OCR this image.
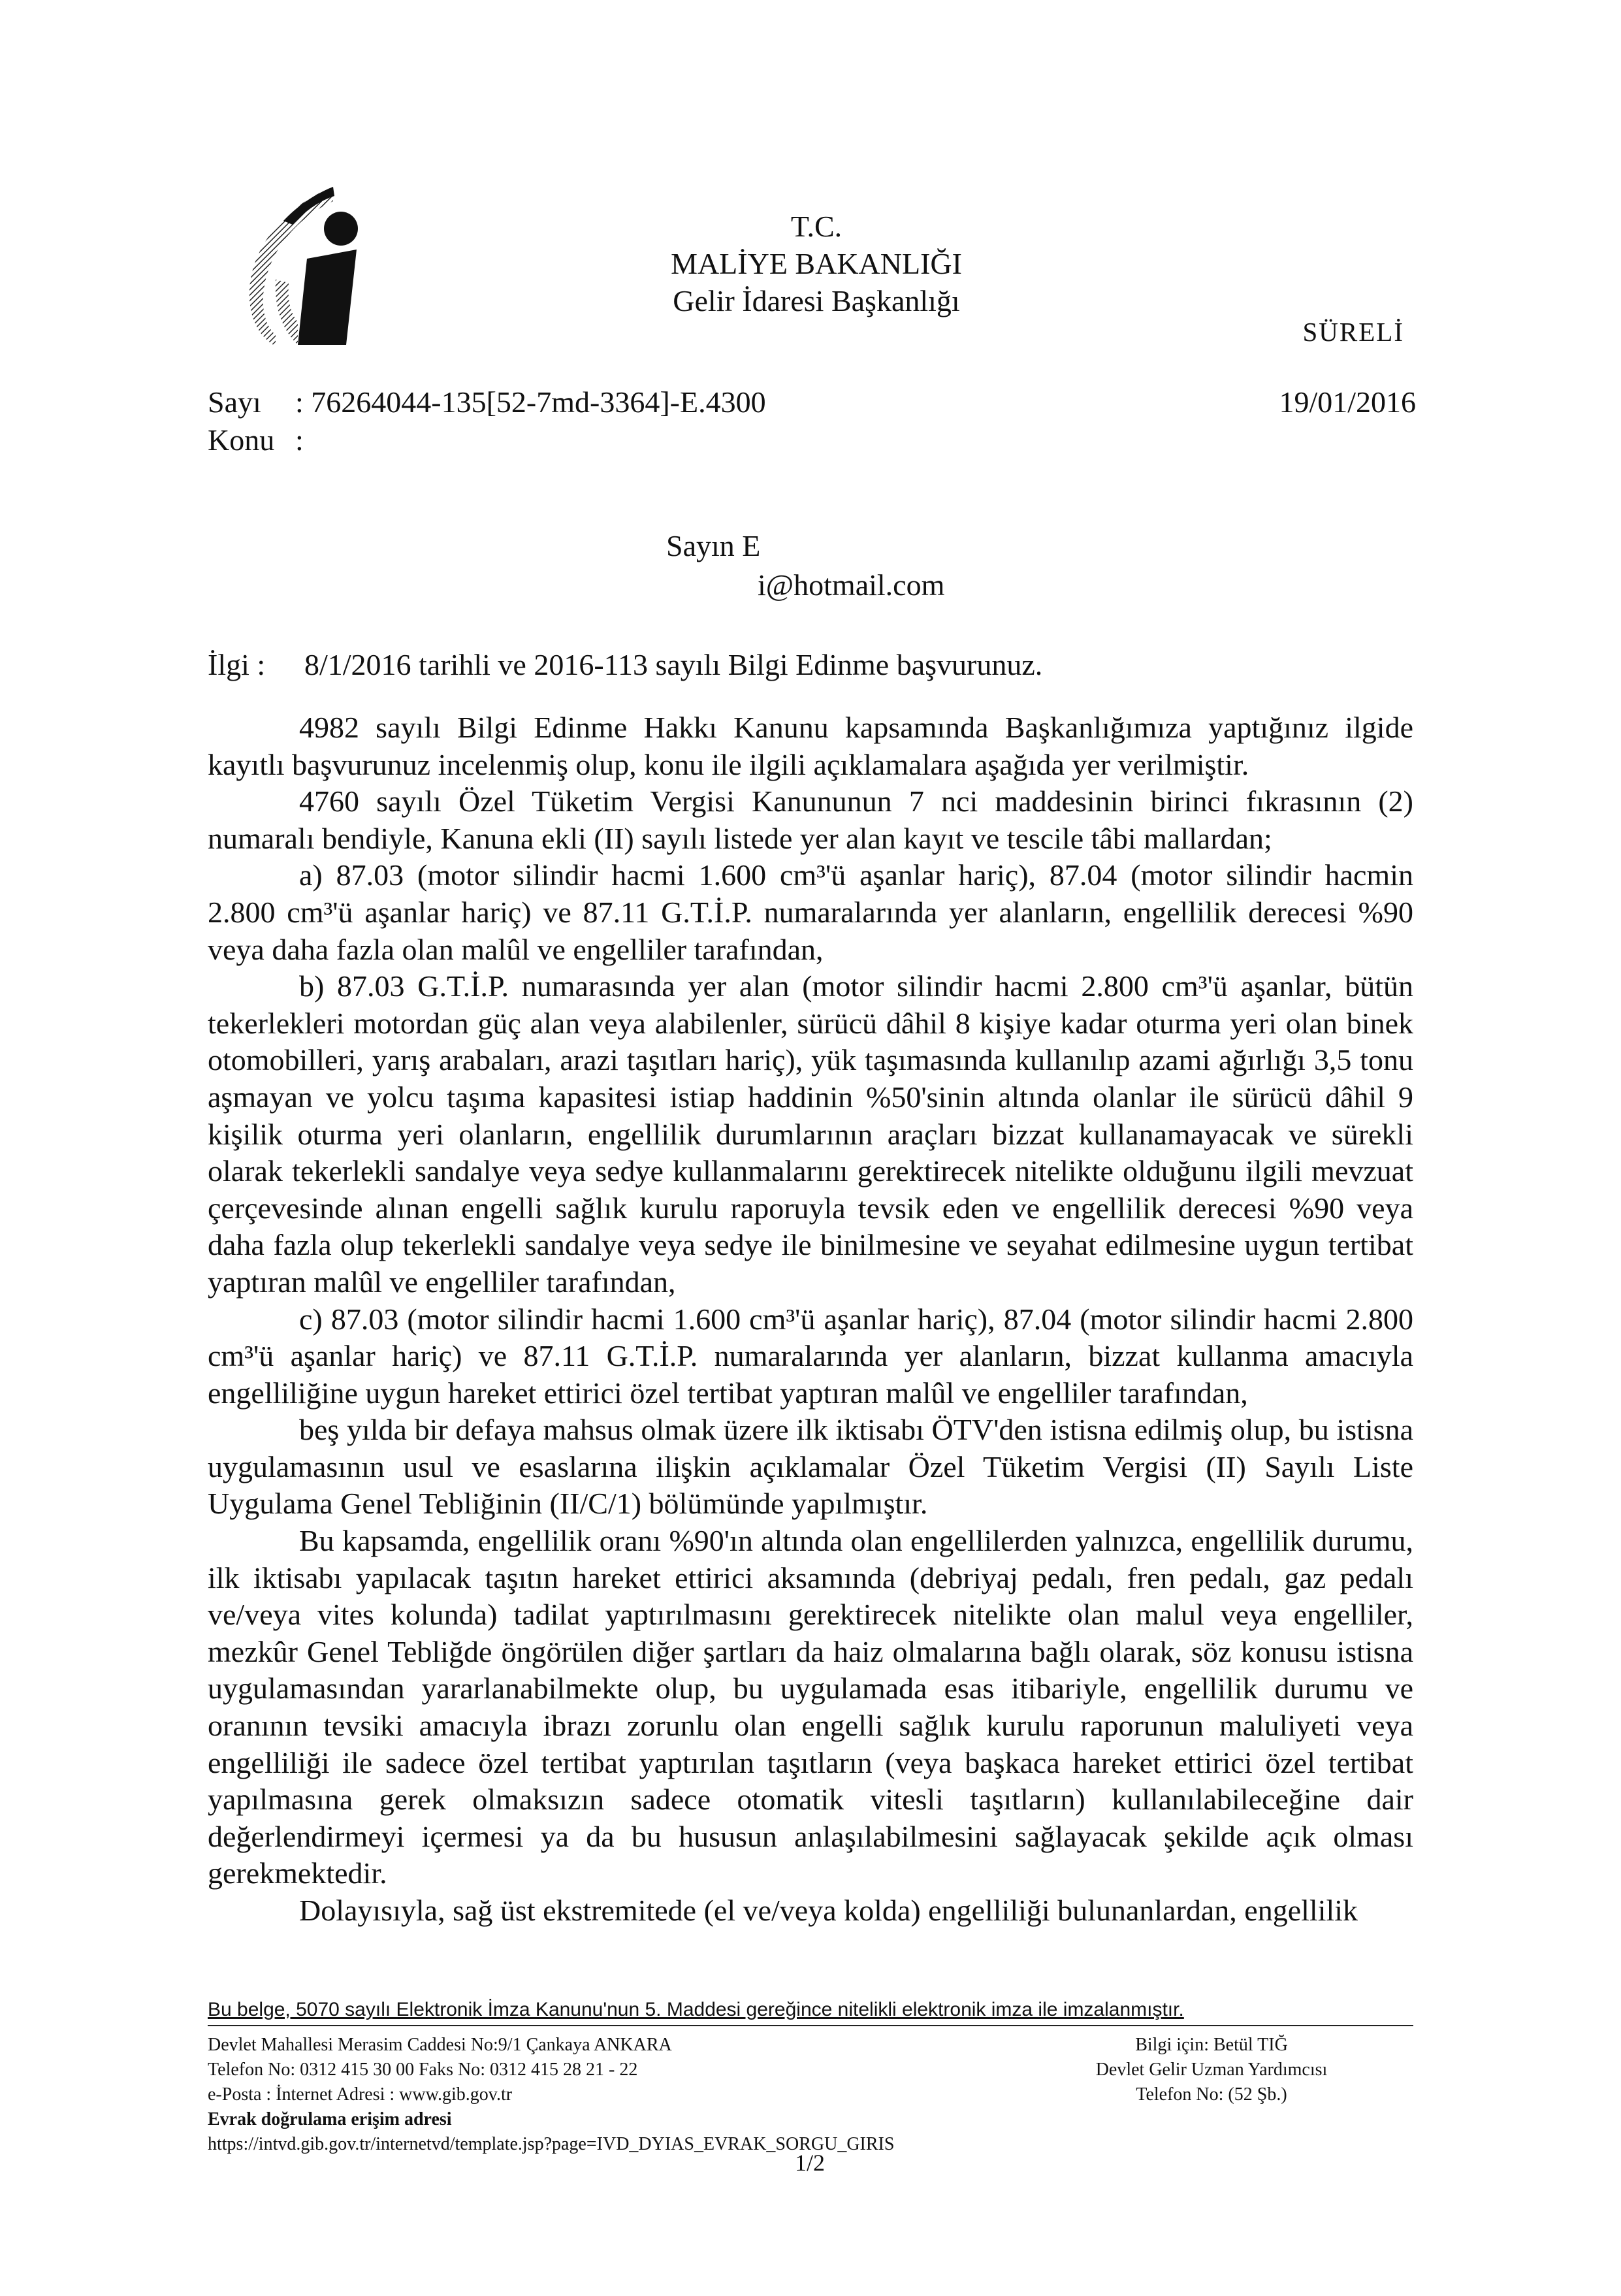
T.C.
MALİYE BAKANLIĞI
Gelir İdaresi Başkanlığı
SÜRELİ
Sayı : 76264044-135[52-7md-3364]-E.4300	19/01/2016
Konu :
Sayın E
i@hotmail.com
İlgi : 8/1/2016 tarihli ve 2016-113 sayılı Bilgi Edinme başvurunuz.

4982 sayılı Bilgi Edinme Hakkı Kanunu kapsamında Başkanlığımıza yaptığınız ilgide kayıtlı başvurunuz incelenmiş olup, konu ile ilgili açıklamalara aşağıda yer verilmiştir.

4760 sayılı Özel Tüketim Vergisi Kanununun 7 nci maddesinin birinci fıkrasının (2) numaralı bendiyle, Kanuna ekli (II) sayılı listede yer alan kayıt ve tescile tâbi mallardan;

a) 87.03 (motor silindir hacmi 1.600 cm³'ü aşanlar hariç), 87.04 (motor silindir hacmin 2.800 cm³'ü aşanlar hariç) ve 87.11 G.T.İ.P. numaralarında yer alanların, engellilik derecesi %90 veya daha fazla olan malûl ve engelliler tarafından,

b) 87.03 G.T.İ.P. numarasında yer alan (motor silindir hacmi 2.800 cm³'ü aşanlar, bütün tekerlekleri motordan güç alan veya alabilenler, sürücü dâhil 8 kişiye kadar oturma yeri olan binek otomobilleri, yarış arabaları, arazi taşıtları hariç), yük taşımasında kullanılıp azami ağırlığı 3,5 tonu aşmayan ve yolcu taşıma kapasitesi istiap haddinin %50'sinin altında olanlar ile sürücü dâhil 9 kişilik oturma yeri olanların, engellilik durumlarının araçları bizzat kullanamayacak ve sürekli olarak tekerlekli sandalye veya sedye kullanmalarını gerektirecek nitelikte olduğunu ilgili mevzuat çerçevesinde alınan engelli sağlık kurulu raporuyla tevsik eden ve engellilik derecesi %90 veya daha fazla olup tekerlekli sandalye veya sedye ile binilmesine ve seyahat edilmesine uygun tertibat yaptıran malûl ve engelliler tarafından,

c) 87.03 (motor silindir hacmi 1.600 cm³'ü aşanlar hariç), 87.04 (motor silindir hacmi 2.800 cm³'ü aşanlar hariç) ve 87.11 G.T.İ.P. numaralarında yer alanların, bizzat kullanma amacıyla engelliliğine uygun hareket ettirici özel tertibat yaptıran malûl ve engelliler tarafından,

beş yılda bir defaya mahsus olmak üzere ilk iktisabı ÖTV'den istisna edilmiş olup, bu istisna uygulamasının usul ve esaslarına ilişkin açıklamalar Özel Tüketim Vergisi (II) Sayılı Liste Uygulama Genel Tebliğinin (II/C/1) bölümünde yapılmıştır.

Bu kapsamda, engellilik oranı %90'ın altında olan engellilerden yalnızca, engellilik durumu, ilk iktisabı yapılacak taşıtın hareket ettirici aksamında (debriyaj pedalı, fren pedalı, gaz pedalı ve/veya vites kolunda) tadilat yaptırılmasını gerektirecek nitelikte olan malul veya engelliler, mezkûr Genel Tebliğde öngörülen diğer şartları da haiz olmalarına bağlı olarak, söz konusu istisna uygulamasından yararlanabilmekte olup, bu uygulamada esas itibariyle, engellilik durumu ve oranının tevsiki amacıyla ibrazı zorunlu olan engelli sağlık kurulu raporunun maluliyeti veya engelliliği ile sadece özel tertibat yaptırılan taşıtların (veya başkaca hareket ettirici özel tertibat yapılmasına gerek olmaksızın sadece otomatik vitesli taşıtların) kullanılabileceğine dair değerlendirmeyi içermesi ya da bu hususun anlaşılabilmesini sağlayacak şekilde açık olması gerekmektedir.

Dolayısıyla, sağ üst ekstremitede (el ve/veya kolda) engelliliği bulunanlardan, engellilik

Bu belge, 5070 sayılı Elektronik İmza Kanunu'nun 5. Maddesi gereğince nitelikli elektronik imza ile imzalanmıştır.
Devlet Mahallesi Merasim Caddesi No:9/1 Çankaya ANKARA
Telefon No: 0312 415 30 00 Faks No: 0312 415 28 21 - 22
e-Posta : İnternet Adresi : www.gib.gov.tr
Evrak doğrulama erişim adresi
https://intvd.gib.gov.tr/internetvd/template.jsp?page=IVD_DYIAS_EVRAK_SORGU_GIRIS
Bilgi için: Betül TIĞ
Devlet Gelir Uzman Yardımcısı
Telefon No: (52 Şb.)
1/2
